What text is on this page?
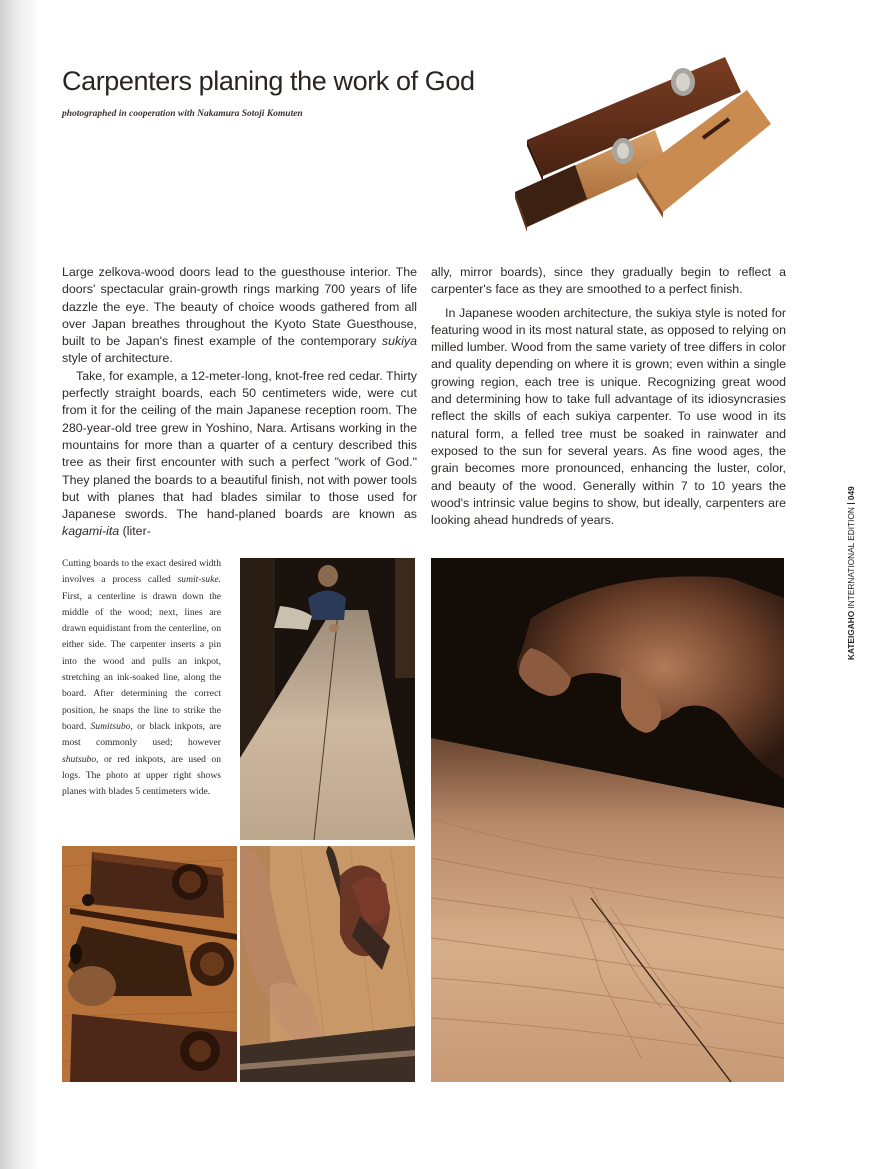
Carpenters planing the work of God
photographed in cooperation with Nakamura Sotoji Komuten

Large zelkova-wood doors lead to the guesthouse interior. The doors' spectacular grain-growth rings marking 700 years of life dazzle the eye. The beauty of choice woods gathered from all over Japan breathes throughout the Kyoto State Guesthouse, built to be Japan's finest example of the contemporary sukiya style of architecture.

Take, for example, a 12-meter-long, knot-free red cedar. Thirty perfectly straight boards, each 50 centimeters wide, were cut from it for the ceiling of the main Japanese reception room. The 280-year-old tree grew in Yoshino, Nara. Artisans working in the mountains for more than a quarter of a century described this tree as their first encounter with such a perfect "work of God." They planed the boards to a beautiful finish, not with power tools but with planes that had blades similar to those used for Japanese swords. The hand-planed boards are known as kagami-ita (liter-

ally, mirror boards), since they gradually begin to reflect a carpenter's face as they are smoothed to a perfect finish.

In Japanese wooden architecture, the sukiya style is noted for featuring wood in its most natural state, as opposed to relying on milled lumber. Wood from the same variety of tree differs in color and quality depending on where it is grown; even within a single growing region, each tree is unique. Recognizing great wood and determining how to take full advantage of its idiosyncrasies reflect the skills of each sukiya carpenter. To use wood in its natural form, a felled tree must be soaked in rainwater and exposed to the sun for several years. As fine wood ages, the grain becomes more pronounced, enhancing the luster, color, and beauty of the wood. Generally within 7 to 10 years the wood's intrinsic value begins to show, but ideally, carpenters are looking ahead hundreds of years.

Cutting boards to the exact desired width involves a process called sumit-suke. First, a centerline is drawn down the middle of the wood; next, lines are drawn equidistant from the centerline, on either side. The carpenter inserts a pin into the wood and pulls an inkpot, stretching an ink-soaked line, along the board. After determining the correct position, he snaps the line to strike the board. Sumitsubo, or black inkpots, are most commonly used; however shutsubo, or red inkpots, are used on logs. The photo at upper right shows planes with blades 5 centimeters wide.

KATEIGAHO INTERNATIONAL EDITION049
